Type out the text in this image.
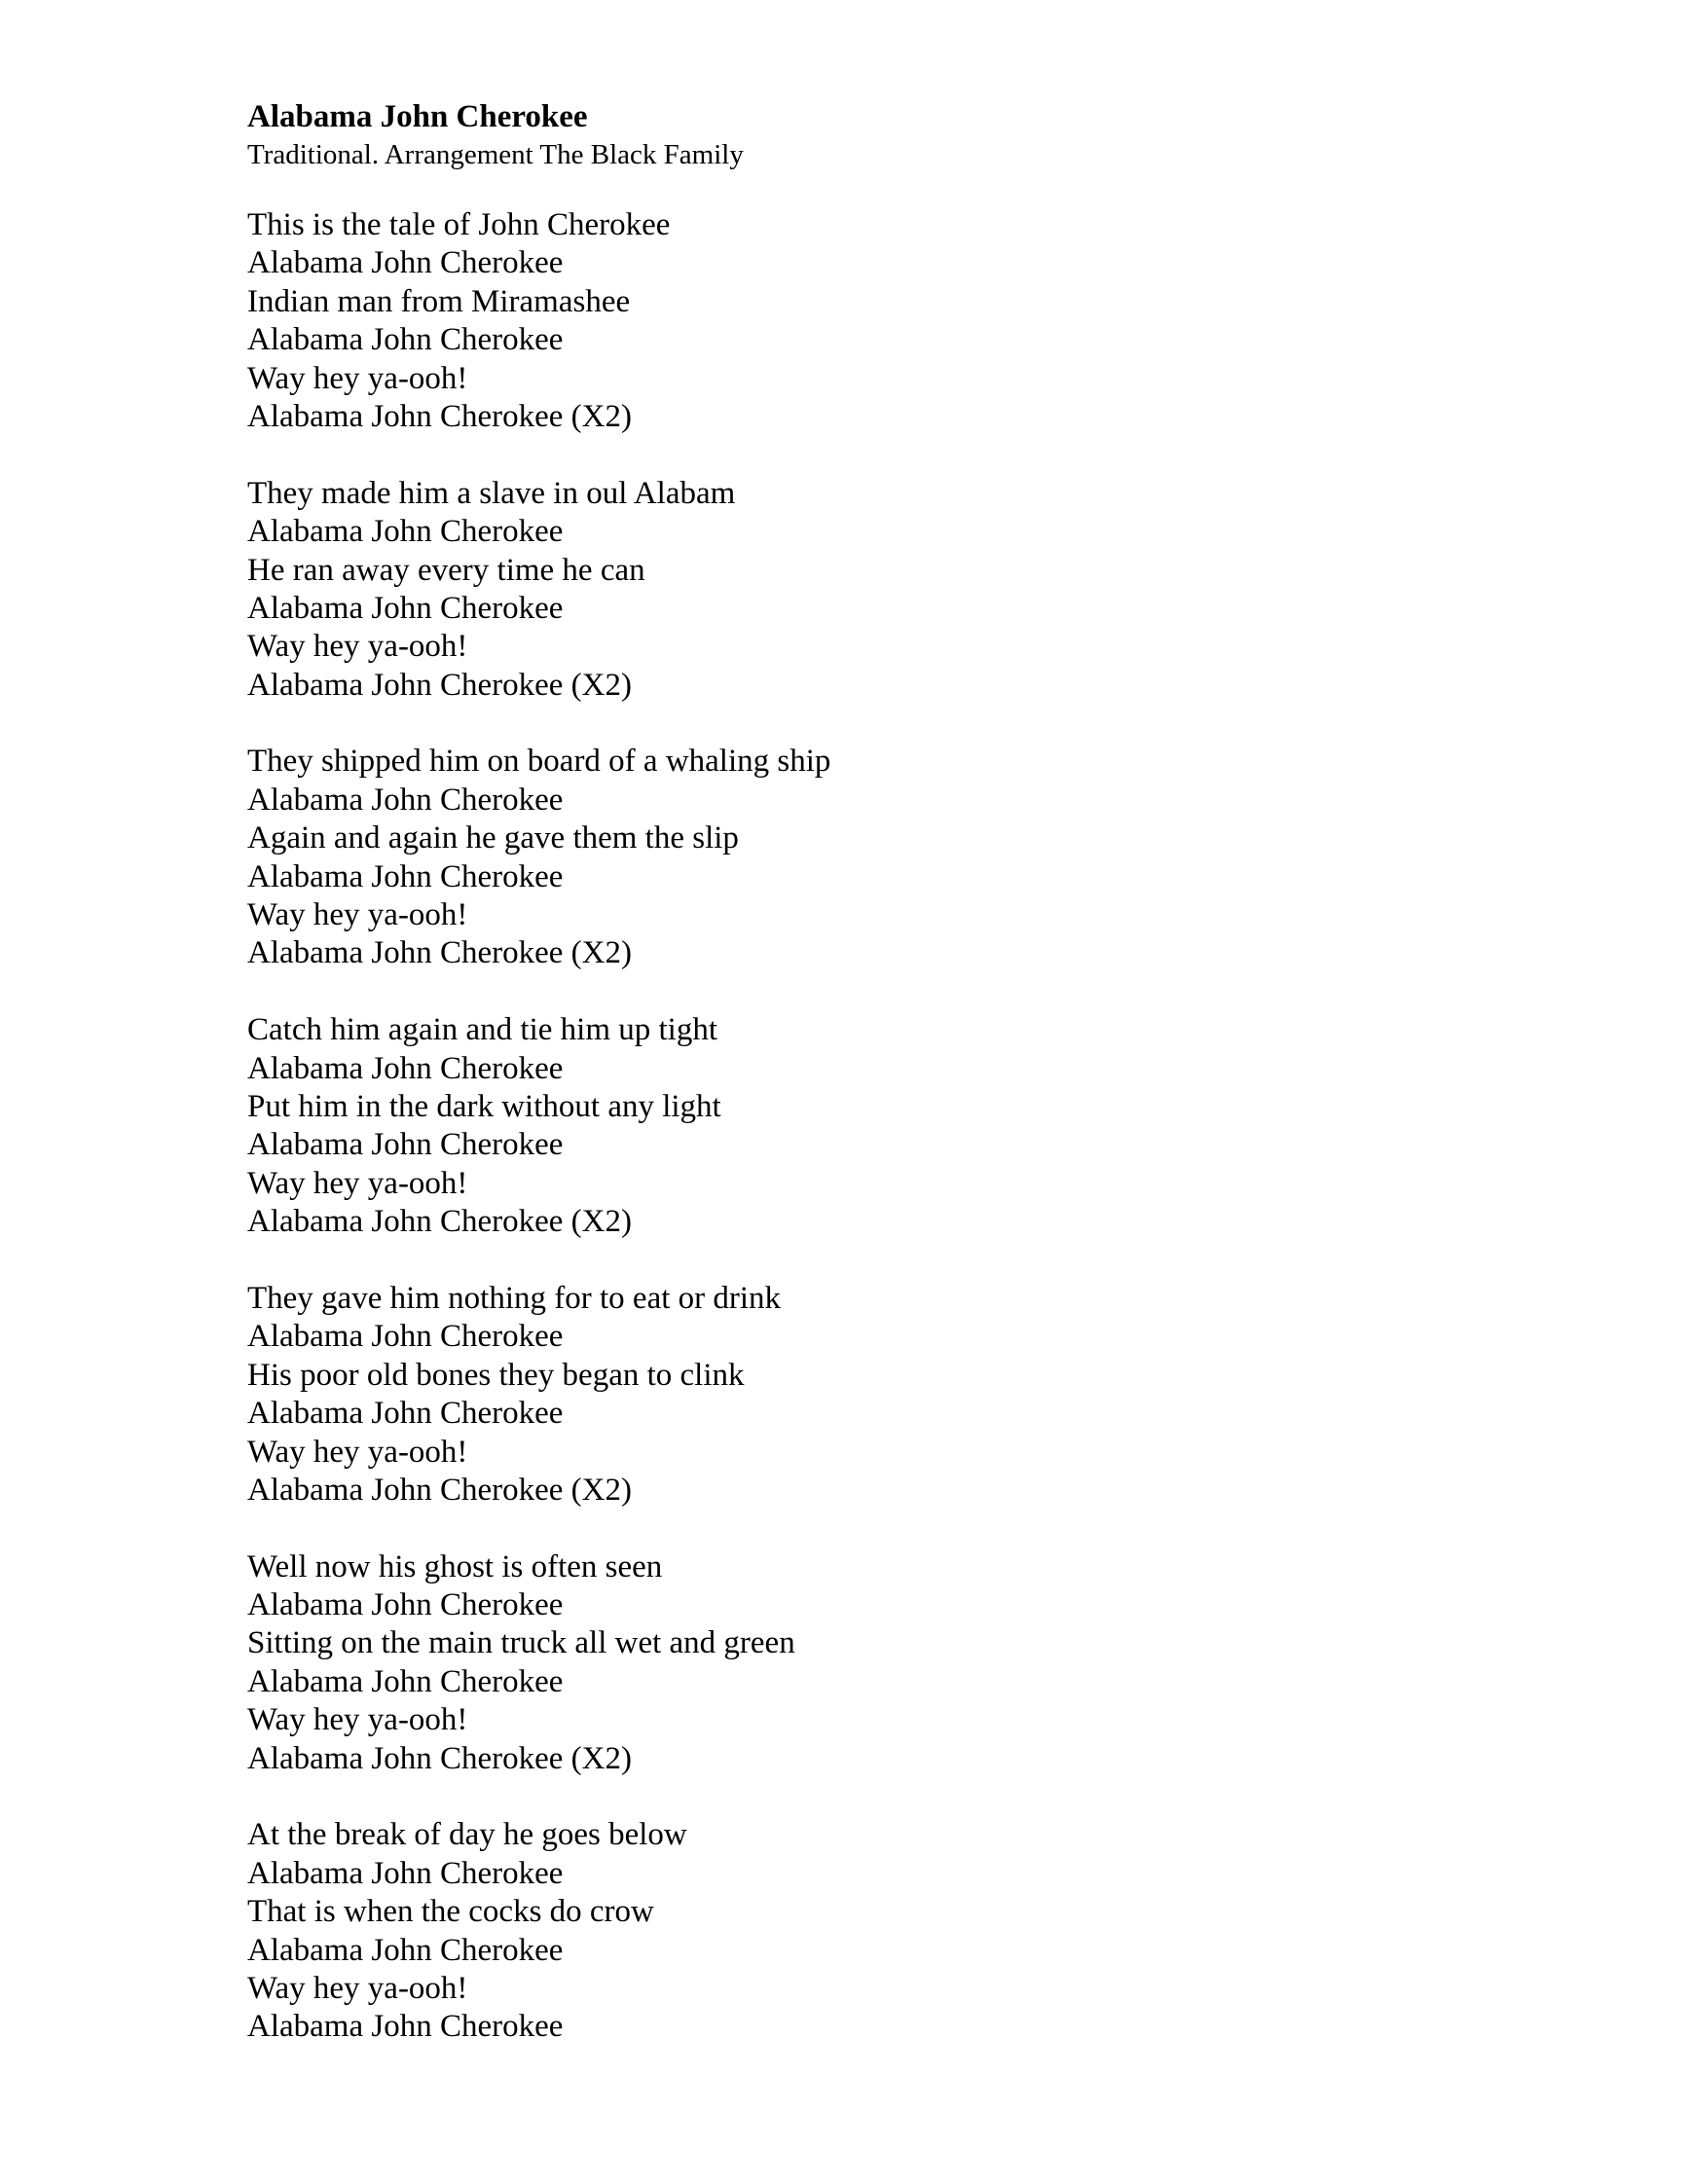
Alabama John Cherokee
Traditional. Arrangement The Black Family
This is the tale of John Cherokee
Alabama John Cherokee
Indian man from Miramashee
Alabama John Cherokee
Way hey ya-ooh!
Alabama John Cherokee (X2)
They made him a slave in oul Alabam
Alabama John Cherokee
He ran away every time he can
Alabama John Cherokee
Way hey ya-ooh!
Alabama John Cherokee (X2)
They shipped him on board of a whaling ship
Alabama John Cherokee
Again and again he gave them the slip
Alabama John Cherokee
Way hey ya-ooh!
Alabama John Cherokee (X2)
Catch him again and tie him up tight
Alabama John Cherokee
Put him in the dark without any light
Alabama John Cherokee
Way hey ya-ooh!
Alabama John Cherokee (X2)
They gave him nothing for to eat or drink
Alabama John Cherokee
His poor old bones they began to clink
Alabama John Cherokee
Way hey ya-ooh!
Alabama John Cherokee (X2)
Well now his ghost is often seen
Alabama John Cherokee
Sitting on the main truck all wet and green
Alabama John Cherokee
Way hey ya-ooh!
Alabama John Cherokee (X2)
At the break of day he goes below
Alabama John Cherokee
That is when the cocks do crow
Alabama John Cherokee
Way hey ya-ooh!
Alabama John Cherokee
